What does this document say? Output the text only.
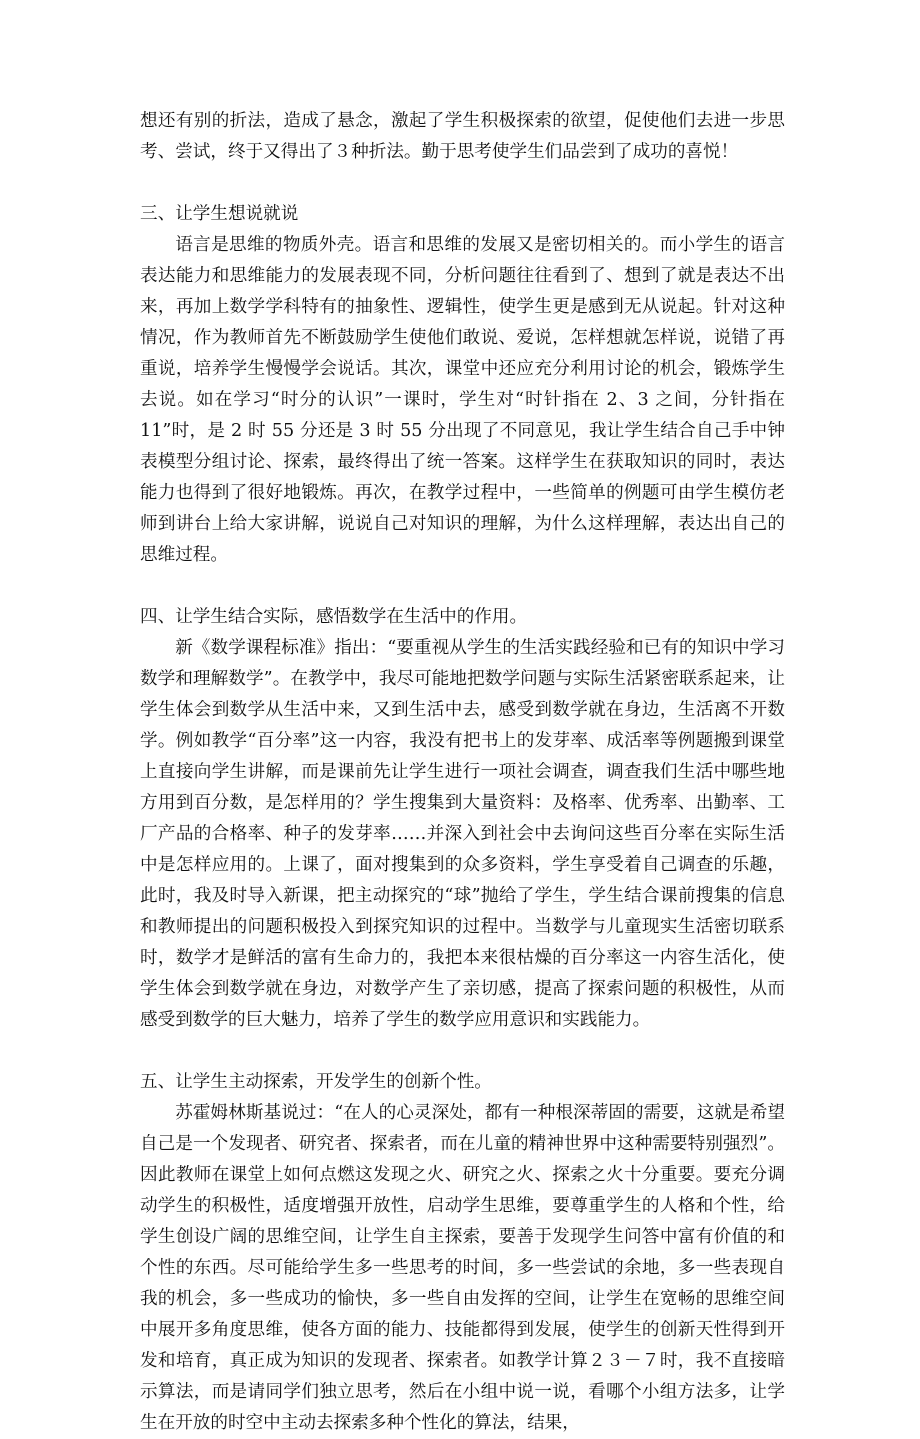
想还有别的折法，造成了悬念，激起了学生积极探索的欲望，促使他们去进一步思考、尝试，终于又得出了３种折法。勤于思考使学生们品尝到了成功的喜悦！

三、让学生想说就说

语言是思维的物质外壳。语言和思维的发展又是密切相关的。而小学生的语言表达能力和思维能力的发展表现不同，分析问题往往看到了、想到了就是表达不出来，再加上数学学科特有的抽象性、逻辑性，使学生更是感到无从说起。针对这种情况，作为教师首先不断鼓励学生使他们敢说、爱说，怎样想就怎样说，说错了再重说，培养学生慢慢学会说话。其次，课堂中还应充分利用讨论的机会，锻炼学生去说。如在学习“时分的认识”一课时，学生对“时针指在 2、3 之间，分针指在 11”时，是 2 时 55 分还是 3 时 55 分出现了不同意见，我让学生结合自己手中钟表模型分组讨论、探索，最终得出了统一答案。这样学生在获取知识的同时，表达能力也得到了很好地锻炼。再次，在教学过程中，一些简单的例题可由学生模仿老师到讲台上给大家讲解，说说自己对知识的理解，为什么这样理解，表达出自己的思维过程。

四、让学生结合实际，感悟数学在生活中的作用。

新《数学课程标准》指出：“要重视从学生的生活实践经验和已有的知识中学习数学和理解数学”。在教学中，我尽可能地把数学问题与实际生活紧密联系起来，让学生体会到数学从生活中来，又到生活中去，感受到数学就在身边，生活离不开数学。例如教学“百分率”这一内容，我没有把书上的发芽率、成活率等例题搬到课堂上直接向学生讲解，而是课前先让学生进行一项社会调查，调查我们生活中哪些地方用到百分数，是怎样用的？学生搜集到大量资料：及格率、优秀率、出勤率、工厂产品的合格率、种子的发芽率……并深入到社会中去询问这些百分率在实际生活中是怎样应用的。上课了，面对搜集到的众多资料，学生享受着自己调查的乐趣，此时，我及时导入新课，把主动探究的“球”抛给了学生，学生结合课前搜集的信息和教师提出的问题积极投入到探究知识的过程中。当数学与儿童现实生活密切联系时，数学才是鲜活的富有生命力的，我把本来很枯燥的百分率这一内容生活化，使学生体会到数学就在身边，对数学产生了亲切感，提高了探索问题的积极性，从而感受到数学的巨大魅力，培养了学生的数学应用意识和实践能力。

五、让学生主动探索，开发学生的创新个性。

苏霍姆林斯基说过：“在人的心灵深处，都有一种根深蒂固的需要，这就是希望自己是一个发现者、研究者、探索者，而在儿童的精神世界中这种需要特别强烈”。因此教师在课堂上如何点燃这发现之火、研究之火、探索之火十分重要。要充分调动学生的积极性，适度增强开放性，启动学生思维，要尊重学生的人格和个性，给学生创设广阔的思维空间，让学生自主探索，要善于发现学生问答中富有价值的和个性的东西。尽可能给学生多一些思考的时间，多一些尝试的余地，多一些表现自我的机会，多一些成功的愉快，多一些自由发挥的空间，让学生在宽畅的思维空间中展开多角度思维，使各方面的能力、技能都得到发展，使学生的创新天性得到开发和培育，真正成为知识的发现者、探索者。如教学计算２３－７时，我不直接暗示算法，而是请同学们独立思考，然后在小组中说一说，看哪个小组方法多，让学生在开放的时空中主动去探索多种个性化的算法，结果，
